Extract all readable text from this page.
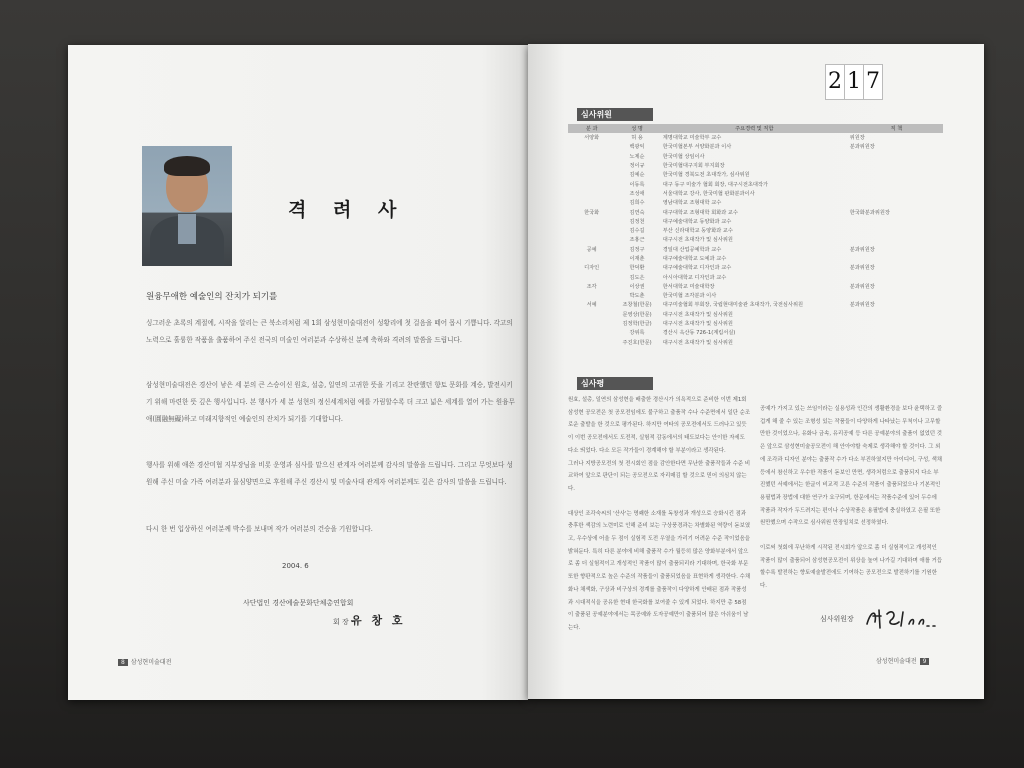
격 려 사
원융무애한 예술인의 잔치가 되기를
싱그러운 초록의 계절에, 시작을 알리는 큰 북소리처럼 제 1회 삼성현미술대전이 성황리에 첫 걸음을 떼어 몹시 기쁩니다. 각고의 노력으로 훌륭한 작품을 출품하여 주신 전국의 미술인 여러분과 수상하신 분께 축하와 격려의 말씀을 드립니다.
삼성현미술대전은 경산이 낳은 세 분의 큰 스승이신 원효, 설총, 일연의 고귀한 뜻을 기리고 찬란했던 향토 문화를 계승, 발전시키기 위해 마련한 뜻 깊은 행사입니다. 본 행사가 세 분 성현의 정신세계처럼 예를 가림할수록 더 크고 넓은 세계를 열어 가는 원융무애(圓融無礙)하고 미래지향적인 예술인의 잔치가 되기를 기대합니다.
행사를 위해 애쓴 경산미협 지부장님을 비롯 운영과 심사를 맡으신 관계자 여러분께 감사의 말씀을 드립니다. 그리고 무엇보다 성원해 주신 미술 가족 여러분과 물심양면으로 후원해 주신 경산시 및 미술사대 관계자 여러분께도 깊은 감사의 말씀을 드립니다.
다시 한 번 입상하신 여러분께 박수를 보내며 작가 여러분의 건승을 기원합니다.
2004. 6
사단법인 경산예술문화단체총연합회
회 장 유 창 호
8 삼성현미술대전
2 1 7
심사위원
분 과	성 명	주요경력 및 직함	직 책
서양화	허 용	계명대학교 미술학부 교수	위원장
	백광익	한국미협본부 서양화분과 이사	분과위원장
	노제순	한국미협 상임이사	
	정이규	한국미협대구지회 부지회장	
	김예순	한국미협 경북도전 초대작가, 심사위원	
	이동록	대구 동구 미술가 협회 회장, 대구시전초대작가	
	조성애	서울대학교 강사, 한국미협 판화분과이사	
	김희수	영남대학교 조형대학 교수	
한국화	김연숙	대구대학교 조형대학 회화과 교수	한국화분과위원장
	김정천	대구예술대학교 동양화과 교수	
	김수길	부산 신라대학교 동양화과 교수	
	조홍근	대구시전 초대작가 및 심사위원	
공예	김정구	경일대 산업공예학과 교수	분과위원장
	이재춘	대구예술대학교 도예과 교수	
디자인	한덕환	대구예술대학교 디자인과 교수	분과위원장
	김도은	아시아대학교 디자인과 교수	
조각	이상권	한서대학교 미술대학장	분과위원장
	박도춘	한국미협 조각분과 이사	
서예	조창철(한문)	대구미술협회 부회장, 국립현대미술관 초대작가, 국전심사위원	분과위원장
	문영상(한문)	대구시전 초대작가 및 심사위원	
	김정학(한글)	대구시전 초대작가 및 심사위원	
	강위록	경산시 옥산동 726-1(계림서실)	
	주진호(한문)	대구시전 초대작가 및 심사위원	
심사평

원효, 설총, 일연의 삼성현을 배출한 경산시가 의욕적으로 준비한 이번 제1회 삼성현 공모전은 첫 공모전임에도 불구하고 출품작 수나 수준면에서 일단 순조로운 출발을 한 것으로 평가된다. 하지만 여타의 공모전에서도 드러나고 있듯이 이번 공모전에서도 도전적, 실험적 감동에서의 태도보다는 안이한 자세도 다소 띄었다. 다소 모든 작가들이 경계해야 할 부분이라고 생각된다.

그러나 지방공모전의 첫 전시회인 점을 감안한다면 무난한 출품작들과 수준 비교하여 앞으로 판단이 되는 공모전으로 자리매김 할 것으로 믿어 의심치 않는다.

대상인 조각숙씨의 '산사'는 명쾌한 소재를 독창성과 개성으로 승화시킨 점과 충후한 색감의 노련미로 인해 준비 보는 구상풍경과는 차별화된 역량이 돋보였고, 우수상에 어울 두 점이 실험적 도전 우열을 가리기 어려운 수준 작이었음을 밝혀둔다. 특히 다른 분야에 비해 출품작 수가 월등히 많은 양화부분에서 앞으로 좀 더 실험적이고 개성적인 작품이 많이 출품되리라 기대하며, 한국화 부문 또한 향판적으로 높은 수준의 작품들이 출품되었음을 표현하게 생각한다. 수채화나 채색화, 구상과 비구상의 경계를 출품작이 다양하게 안배된 점과 작품성과 시대적식을 공유한 현대 한국화를 보여줄 수 있게 되었다. 하지만 총 58점이 출품된 공예분야에서는 목공예와 도자공예만이 출품되어 많은 아쉬움이 남는다.

공예가 가지고 있는 쓰임이라는 실용성과 인간의 생활환경을 보다 윤택하고 즐겁게 해 줄 수 있는 조형성 있는 작품들이 다양하게 나타났는 무척이나 고무할 만한 것이었으나, 유화나 금속, 유리공예 등 다른 공예분야의 출품이 없었던 것은 앞으로 삼성현미술공모전이 해 안아야할 숙제로 생각해야 할 것이다. 그 외에 조각과 디자인 분야는 출품작 수가 다소 부진하였지만 아이디어, 구성, 색채 등에서 참신하고 우수한 작품이 돋보인 만면, 생각처럼으로 출품되지 다소 부진했던 서예에서는 한글이 비교적 고른 수준의 작품이 출품되었으나 기본적인 용필법과 장법에 대한 연구가 요구되며, 한문에서는 작품수준에 있어 두수에 작품과 작자가 두드려지는 편이나 수상작품은 용필법에 충실하였고 은필 또한 원만했으며 수작으로 심사위원 만장일치로 선정하였다.

이로써 첫회에 무난하게 시작된 전시회가 앞으로 좀 더 실험적이고 개성적인 작품이 많이 출품되어 삼성현공모전이 위상을 높여 나가길 기대하며 애를 거듭할수록 발전하는 향토예술발전에도 기여하는 공모전으로 발전하기를 기원한다.

심사위원장
삼성현미술대전 9
